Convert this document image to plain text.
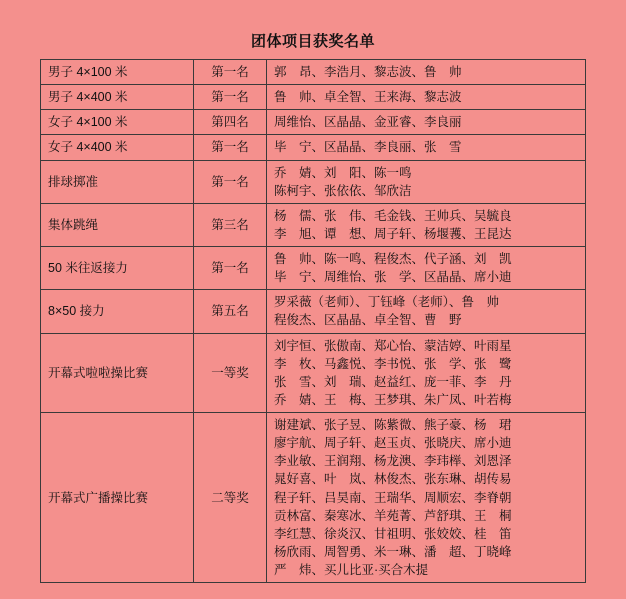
团体项目获奖名单
男子 4×100 米	第一名	郭　昂、李浩月、黎志波、鲁　帅

男子 4×400 米	第一名	鲁　帅、卓全智、王来海、黎志波

女子 4×100 米	第四名	周维怡、区晶晶、金亚睿、李良丽

女子 4×400 米	第一名	毕　宁、区晶晶、李良丽、张　雪

排球掷准	第一名	乔　婧、刘　阳、陈一鸣
陈柯宇、张依依、邹欣洁

集体跳绳	第三名	杨　儒、张　伟、毛金钱、王帅兵、吴毓良
李　旭、谭　想、周子轩、杨堰彟、王昆达

50 米往返接力	第一名	鲁　帅、陈一鸣、程俊杰、代子涵、刘　凯
毕　宁、周维怡、张　学、区晶晶、席小迪

8×50 接力	第五名	罗采薇（老师）、丁钰峰（老师）、鲁　帅
程俊杰、区晶晶、卓全智、曹　野

开幕式啦啦操比赛	一等奖	刘宇恒、张傲南、郑心怡、蒙洁婷、叶雨星
李　枚、马鑫悦、李书悦、张　学、张　鹭
张　雪、刘　瑞、赵益红、庞一菲、李　丹
乔　婧、王　梅、王梦琪、朱广凤、叶若梅

开幕式广播操比赛	二等奖	
谢建斌、张子昱、陈紫微、熊子豪、杨　珺
廖宇航、周子轩、赵玉贞、张晓庆、席小迪
李业敏、王润翔、杨龙澳、李玮榉、刘恩泽
晁好喜、叶　岚、林俊杰、张东琳、胡传易
程子轩、吕昊南、王瑞华、周顺宏、李脊朝
贡林富、秦寒冰、羊苑菁、芦舒琪、王　桐
李红慧、徐炎汉、甘祖明、张姣姣、桂　笛
杨欣雨、周智勇、米一琳、潘　超、丁晓峰
严　炜、买儿比亚·买合木提
